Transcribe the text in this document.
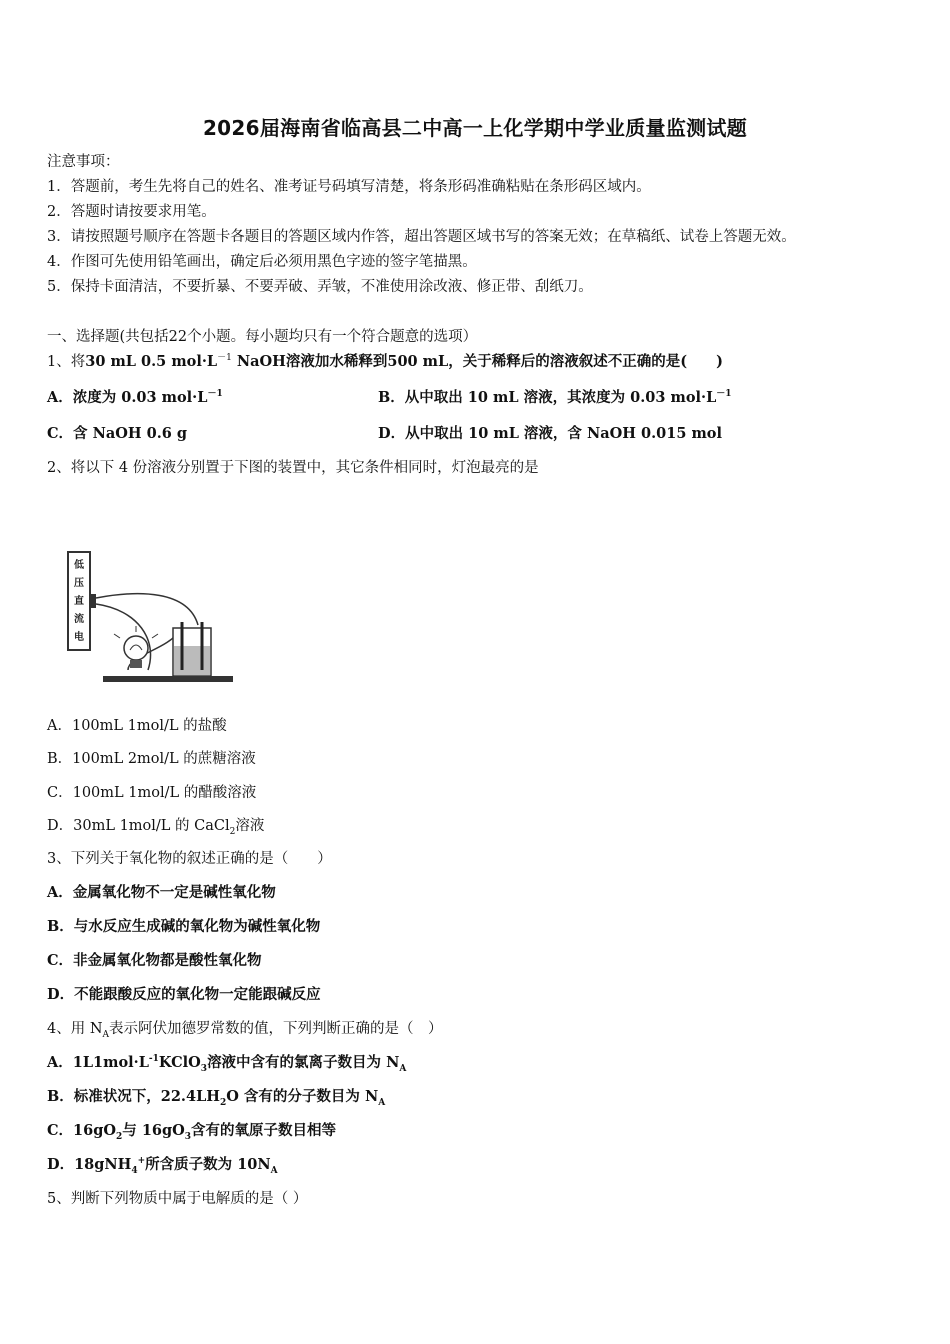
2026届海南省临高县二中高一上化学期中学业质量监测试题
注意事项：
1．答题前，考生先将自己的姓名、准考证号码填写清楚，将条形码准确粘贴在条形码区域内。
2．答题时请按要求用笔。
3．请按照题号顺序在答题卡各题目的答题区域内作答，超出答题区域书写的答案无效；在草稿纸、试卷上答题无效。
4．作图可先使用铅笔画出，确定后必须用黑色字迹的签字笔描黑。
5．保持卡面清洁，不要折暴、不要弄破、弄皱，不准使用涂改液、修正带、刮纸刀。
一、选择题(共包括22个小题。每小题均只有一个符合题意的选项）
1、将30 mL 0.5 $mol\cdot L^{-1}$ NaOH溶液加水稀释到500 mL，关于稀释后的溶液叙述不正确的是(　　)
A．浓度为 0.03 $mol\cdot L^{-1}$	B．从中取出 10 mL 溶液，其浓度为 0.03 $mol\cdot L^{-1}$
C．含 NaOH 0.6 g	D．从中取出 10 mL 溶液，含 NaOH 0.015 mol
2、将以下 4 份溶液分别置于下图的装置中，其它条件相同时，灯泡最亮的是
低
压
直
流
电
A．100mL 1mol/L 的盐酸
B．100mL 2mol/L 的蔗糖溶液
C．100mL 1mol/L 的醋酸溶液
D．30mL 1mol/L 的 CaCl$_2$溶液
3、下列关于氧化物的叙述正确的是（　　）
A．金属氧化物不一定是碱性氧化物
B．与水反应生成碱的氧化物为碱性氧化物
C．非金属氧化物都是酸性氧化物
D．不能跟酸反应的氧化物一定能跟碱反应
4、用 $N_A$表示阿伏加德罗常数的值，下列判断正确的是（　）
A．$1L1mol\cdot L^{-1}KClO_3$溶液中含有的氯离子数目为 $N_A$
B．标准状况下，$22.4LH_2O$ 含有的分子数目为 $N_A$
C．$16gO_2$与 $16gO_3$含有的氧原子数目相等
D．18gNH$_4$+所含质子数为 $10N_A$
5、判断下列物质中属于电解质的是（ ）
